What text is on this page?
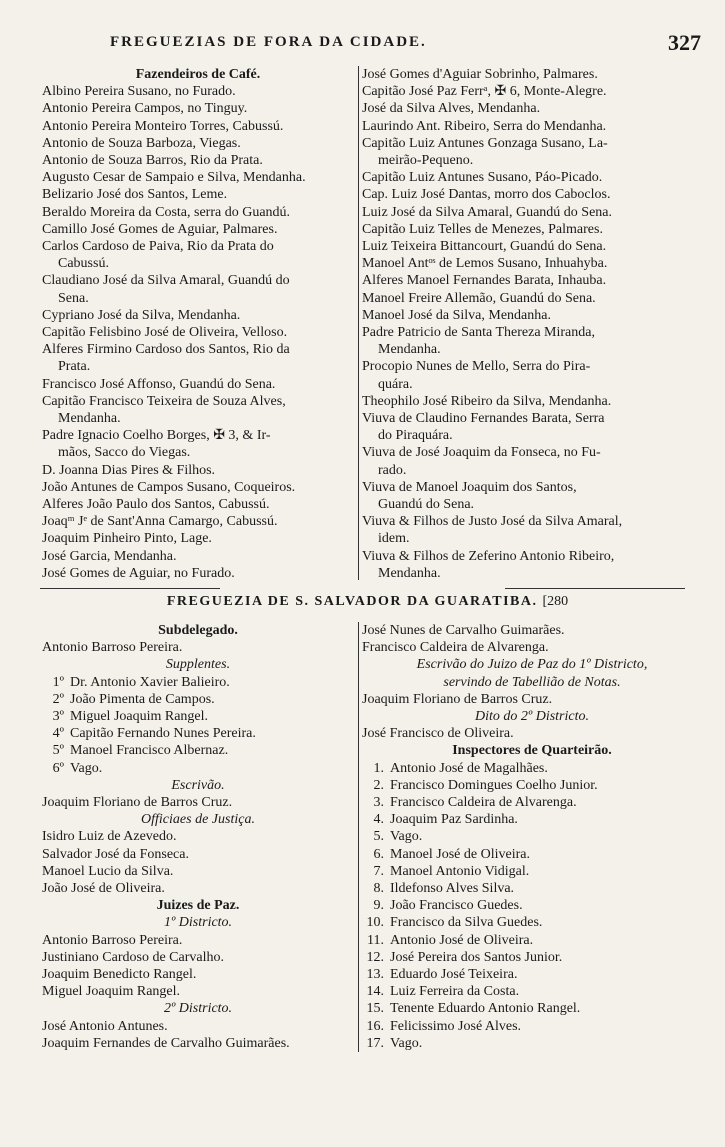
FREGUEZIAS DE FORA DA CIDADE.	327
Fazendeiros de Café.
Albino Pereira Susano, no Furado.
Antonio Pereira Campos, no Tinguy.
Antonio Pereira Monteiro Torres, Cabussú.
Antonio de Souza Barboza, Viegas.
Antonio de Souza Barros, Rio da Prata.
Augusto Cesar de Sampaio e Silva, Mendanha.
Belizario José dos Santos, Leme.
Beraldo Moreira da Costa, serra do Guandú.
Camillo José Gomes de Aguiar, Palmares.
Carlos Cardoso de Paiva, Rio da Prata do
Cabussú.
Claudiano José da Silva Amaral, Guandú do
Sena.
Cypriano José da Silva, Mendanha.
Capitão Felisbino José de Oliveira, Velloso.
Alferes Firmino Cardoso dos Santos, Rio da
Prata.
Francisco José Affonso, Guandú do Sena.
Capitão Francisco Teixeira de Souza Alves,
Mendanha.
Padre Ignacio Coelho Borges, ✠ 3, & Ir-
mãos, Sacco do Viegas.
D. Joanna Dias Pires & Filhos.
João Antunes de Campos Susano, Coqueiros.
Alferes João Paulo dos Santos, Cabussú.
Joaqᵐ Jᵉ de Sant'Anna Camargo, Cabussú.
Joaquim Pinheiro Pinto, Lage.
José Garcia, Mendanha.
José Gomes de Aguiar, no Furado.
José Gomes d'Aguiar Sobrinho, Palmares.
Capitão José Paz Ferrᵃ, ✠ 6, Monte-Alegre.
José da Silva Alves, Mendanha.
Laurindo Ant. Ribeiro, Serra do Mendanha.
Capitão Luiz Antunes Gonzaga Susano, La-
meirão-Pequeno.
Capitão Luiz Antunes Susano, Páo-Picado.
Cap. Luiz José Dantas, morro dos Caboclos.
Luiz José da Silva Amaral, Guandú do Sena.
Capitão Luiz Telles de Menezes, Palmares.
Luiz Teixeira Bittancourt, Guandú do Sena.
Manoel Antᵒˢ de Lemos Susano, Inhuahyba.
Alferes Manoel Fernandes Barata, Inhauba.
Manoel Freire Allemão, Guandú do Sena.
Manoel José da Silva, Mendanha.
Padre Patricio de Santa Thereza Miranda,
Mendanha.
Procopio Nunes de Mello, Serra do Pira-
quára.
Theophilo José Ribeiro da Silva, Mendanha.
Viuva de Claudino Fernandes Barata, Serra
do Piraquára.
Viuva de José Joaquim da Fonseca, no Fu-
rado.
Viuva de Manoel Joaquim dos Santos,
Guandú do Sena.
Viuva & Filhos de Justo José da Silva Amaral,
idem.
Viuva & Filhos de Zeferino Antonio Ribeiro,
Mendanha.
FREGUEZIA DE S. SALVADOR DA GUARATIBA. [280
Subdelegado.
Antonio Barroso Pereira.
Supplentes.
1º Dr. Antonio Xavier Balieiro.
2º João Pimenta de Campos.
3º Miguel Joaquim Rangel.
4º Capitão Fernando Nunes Pereira.
5º Manoel Francisco Albernaz.
6º Vago.
Escrivão.
Joaquim Floriano de Barros Cruz.
Officiaes de Justiça.
Isidro Luiz de Azevedo.
Salvador José da Fonseca.
Manoel Lucio da Silva.
João José de Oliveira.
Juizes de Paz.
1º Districto.
Antonio Barroso Pereira.
Justiniano Cardoso de Carvalho.
Joaquim Benedicto Rangel.
Miguel Joaquim Rangel.
2º Districto.
José Antonio Antunes.
Joaquim Fernandes de Carvalho Guimarães.
José Nunes de Carvalho Guimarães.
Francisco Caldeira de Alvarenga.
Escrivão do Juizo de Paz do 1º Districto,
servindo de Tabellião de Notas.
Joaquim Floriano de Barros Cruz.
Dito do 2º Districto.
José Francisco de Oliveira.
Inspectores de Quarteirão.
1. Antonio José de Magalhães.
2. Francisco Domingues Coelho Junior.
3. Francisco Caldeira de Alvarenga.
4. Joaquim Paz Sardinha.
5. Vago.
6. Manoel José de Oliveira.
7. Manoel Antonio Vidigal.
8. Ildefonso Alves Silva.
9. João Francisco Guedes.
10. Francisco da Silva Guedes.
11. Antonio José de Oliveira.
12. José Pereira dos Santos Junior.
13. Eduardo José Teixeira.
14. Luiz Ferreira da Costa.
15. Tenente Eduardo Antonio Rangel.
16. Felicissimo José Alves.
17. Vago.
